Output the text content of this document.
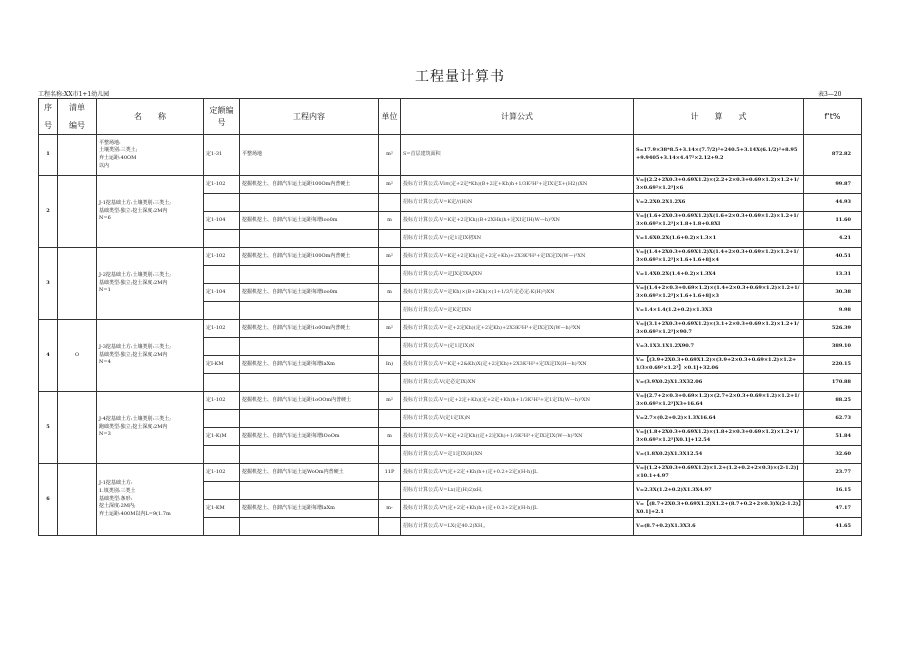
工程量计算书
工程名称:XX市1+1幼儿园	表3—20
序
号	清单
编号	名　　称	定额编号	工程内容	单位	计算公式	计　　算　　式	f‘t%
1		平整场地:
土壤类别:三类土;
弃土运距:40OM
以内	定1-31	平整场地	m²	S=首层建筑面积	S=17.9×38*8.5+3.14×(7.7/2)²+240.5+3.14X(6.1/2)²+8.95+9.9405+3.14×4.47²×2.12+9.2	872.82
2		J-1挖基础土方:土壤类别:三类土;
基础类型:独立:挖土深度:2M内
N=6	定1-102	挖掘机挖土、自卸汽车运土运距100Om内普硬土	m²	投标方计算公式:Vl≡(定+2定*Kh)(B+2定+Kh)h+1/3K²H³+定IX定Σ+(H2))XN	V=[(2.2+2X0.3+0.69X1.2)×(2.2+2×0.3+0.69×1.2)×1.2+1/3×0.69²×1.2³]×6	99.87
						招标方计算公式:V=K定∕/(H)N	V=2.2X0.2X1.2X6	44.93
			定1-104	挖掘机挖土、自卸汽车运土运距每增loo0m	m	投标方计算公式:V=K定+2定Kh)(B+2XHk)h+定XI定IH(W—h)³XN	V=[(1.6+2X0.3+0.69X1.2)X(1.6+2×0.3+0.69×1.2)×1.2+1/3×0.69²×1.2³]×1.8+1.8+0.8XI	11.60
						招标方计算公式:V=(定1定IX初XN	V=1.6X0.2X(1.6+0.2)×1.3×1	4.21
3		J-2挖基础土方:土壤类别:三类土;
基础类型:独立;挖土深度:2M内
N=1	定1-102	挖掘机挖土、自卸汽车运土运距100Om内普硬土	m²	投标方计算公式:V=K定+2定Kh)(定+2定+Kh)+2X3K³H³+定IX定IX(W—)³XN	V=[(1.4+2X0.3+0.69X1.2)X(1.4+2×0.3+0.69×1.2)×1.2+1/3×0.69²×1.2³]×1.6+1.6+8]×4	40.51
						招标方计算公式:V=定JX定IXAJXN	V=1.4X0.2X(1.4+0.2)×1.3X4	13.31
			定1-104	挖掘机挖土、自卸汽车运土运距每增loo0m	m	投标方计算公式:V=定Kh)×(B+2Kh)×(1+1/3片定必定:K(H)³)XN	V=[(1.4+2×0.3+0.69×1.2)×(1.4+2×0.3+0.69×1.2)×1.2+1/3×0.69²×1.2³]×1.6+1.6+8]×3	30.38
						招标方计算公式:V=定K定IXN	V=1.4×1.4(1.2+0.2)×1.3X3	9.98
4	O	J-3挖基础土方:土壤类别:三类土;
基础类型:独立;挖土深度:2M内
N=4	定1-102	挖掘机挖土、自卸汽车运土运距1o0Om内普硬土	m²	投标方计算公式:V=定+2定Kh)(定+2定Kh)+2X3K²H³+定IX定IX(W—h)³XN	V=[(3.1+2X0.3+0.69X1.2)×(3.1+2×0.3+0.69×1.2)×1.2+1/3×0.69²×1.2³]×90.7	526.39
						招标方计算公式:V=(定1定IX)N	V=3.1X3.1X1.2X90.7	389.10
			定I-KM	挖掘机挖土、自卸汽车运土运距每增laXm	In)	投标方计算公式:V=K定+2&Kh)X(定+2定Kh)+2X3K²H³+定IX定IX(H—h)³XN	V=【(3.9+2X0.3+0.69X1.2)×(3.9+2×0.3+0.69×1.2)×1.2+1/3×0.69²×1.2³】×0.1]+32.06	220.15
						招标方计算公式:V(定必定IX)XN	V=(3.9X0.2)X1.3X32.06	170.88
5		J-4挖基础土方:土壤类别:三类土;
跑础类型:独立;挖土深度:2M内
N=3	定1-102	挖掘机挖土、自卸汽车运土运距1oOOm内普硬土	m²	投标方计算公式:V=(定+2定+Kh)(定+2定+Kh)h+1/3K²H³+定1定IX(W—h)³XN	V=[(2.7+2×0.3+0.69×1.2)×(2.7+2×0.3+0.69×1.2)×1.2+1/3×0.69²×1.2³]X3+16.64	88.25
						招标方计算公式:V(定1定IX)N	V=2.7×(0.2+0.2)×1.3X16.64	62.73
			定1-K(M	挖掘机挖土、自卸汽车运土运距每增lOoOm	m	投标方计算公式:V=K定+2定Kh)(定+2定Kh)+1/3K²H³+定IX定IX(W—h)³XN	V=[(1.8+2X0.3+0.69X1.2)×(1.8+2×0.3+0.69×1.2)×1.2+1/3×0.69²×1.2³]X0.1]+12.54	51.84
						招标方计算公式:V=定1定IX(H)XN	V=(1.8X0.2)X1.3X12.54	32.60
6		J-1挖基础土方:
1.填类别:三类土
基础类型:条形:
挖土深度:2M内;
弃土运距:400M以内L=9(1.7m	定1-102	挖掘机挖土、自卸汽车运土运WoOm内普硬土	11P	投标方计算公式:V*(定+2定+Kh)h+(定+0.2+2定)(H-h)]L	V=[(1.2+2X0.3+0.69X1.2)×1.2+(1.2+0.2+2×0.3)×(2-1.2)]×10.1+4.97	23.77
						招标方计算公式:V=Lx(定(H)2)xH,	V=2.3X(1.2+0.2)X1.3X4.97	16.15
			定1-KM	挖掘机挖土、自卸汽车运土运距每增laXm	m-	投标方计算公式:V*(定+2定+Kh)h+(定+0.2+2定)(H-h)]L	V=【(8.7+2X0.3+0.69X1.2)X1.2+(8.7+0.2+2×0.3)X(2-1.2)】X0.1]+2.1	47.17
						招标方计算公式:V=LX(定40.2)XH,,	V=(8.7+0.2)X1.3X3.6	41.65
